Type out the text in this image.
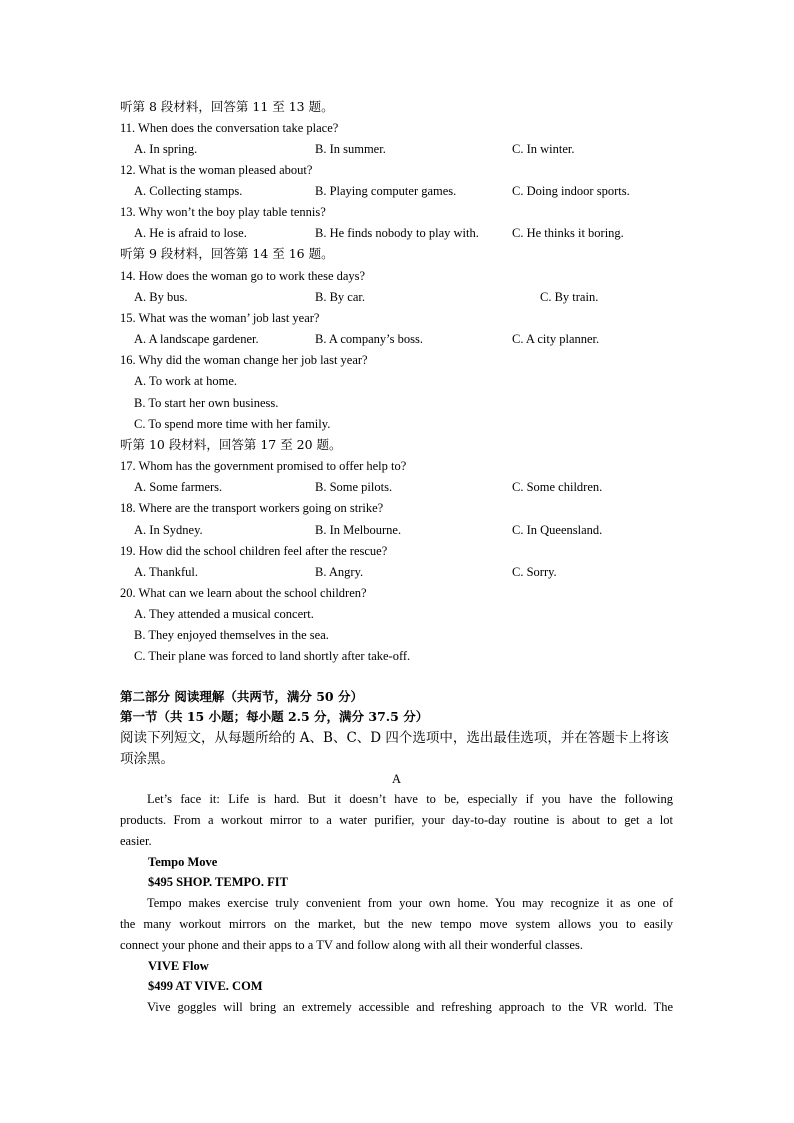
听第 8 段材料，回答第 11 至 13 题。
11. When does the conversation take place?
A. In spring.	B. In summer.	C. In winter.
12. What is the woman pleased about?
A. Collecting stamps.	B. Playing computer games.	C. Doing indoor sports.
13. Why won’t the boy play table tennis?
A. He is afraid to lose.	B. He finds nobody to play with.	C. He thinks it boring.
听第 9 段材料，回答第 14 至 16 题。
14. How does the woman go to work these days?
A. By bus.	B. By car.	C. By train.
15. What was the woman’ job last year?
A. A landscape gardener.	B. A company’s boss.	C. A city planner.
16. Why did the woman change her job last year?
A. To work at home.
B. To start her own business.
C. To spend more time with her family.
听第 10 段材料，回答第 17 至 20 题。
17. Whom has the government promised to offer help to?
A. Some farmers.	B. Some pilots.	C. Some children.
18. Where are the transport workers going on strike?
A. In Sydney.	B. In Melbourne.	C. In Queensland.
19. How did the school children feel after the rescue?
A. Thankful.	B. Angry.	C. Sorry.
20. What can we learn about the school children?
A. They attended a musical concert.
B. They enjoyed themselves in the sea.
C. Their plane was forced to land shortly after take-off.
第二部分 阅读理解（共两节，满分 50 分）
第一节（共 15 小题；每小题 2.5 分，满分 37.5 分）
阅读下列短文，从每题所给的 A、B、C、D 四个选项中，选出最佳选项，并在答题卡上将该
项涂黑。
A
Let’s face it: Life is hard. But it doesn’t have to be, especially if you have the following
products. From a workout mirror to a water purifier, your day-to-day routine is about to get a lot
easier.
Tempo Move
$495 SHOP. TEMPO. FIT
Tempo makes exercise truly convenient from your own home. You may recognize it as one of
the many workout mirrors on the market, but the new tempo move system allows you to easily
connect your phone and their apps to a TV and follow along with all their wonderful classes.
VIVE Flow
$499 AT VIVE. COM
Vive goggles will bring an extremely accessible and refreshing approach to the VR world. The
